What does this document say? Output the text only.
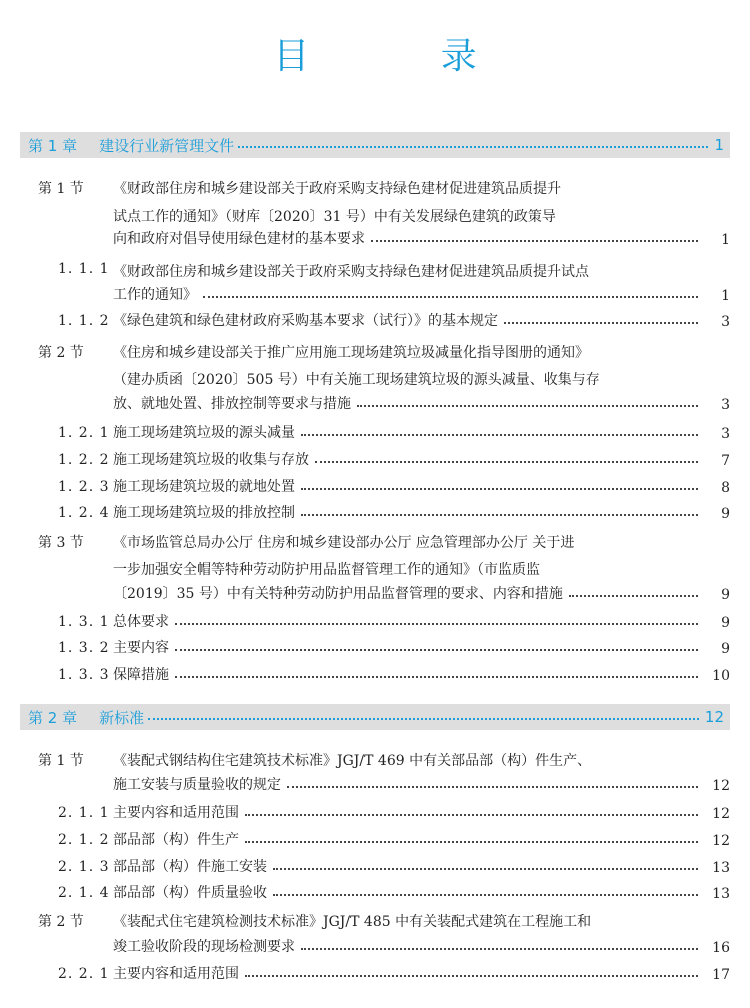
目 录
第 1 章 建设行业新管理文件	1
第 1 节 《财政部住房和城乡建设部关于政府采购支持绿色建材促进建筑品质提升
试点工作的通知》（财库〔2020〕31 号）中有关发展绿色建筑的政策导
向和政府对倡导使用绿色建材的基本要求	1
1. 1. 1 《财政部住房和城乡建设部关于政府采购支持绿色建材促进建筑品质提升试点
工作的通知》	1
1. 1. 2 《绿色建筑和绿色建材政府采购基本要求（试行）》的基本规定	3
第 2 节 《住房和城乡建设部关于推广应用施工现场建筑垃圾减量化指导图册的通知》
（建办质函〔2020〕505 号）中有关施工现场建筑垃圾的源头减量、收集与存
放、就地处置、排放控制等要求与措施	3
1. 2. 1 施工现场建筑垃圾的源头减量	3
1. 2. 2 施工现场建筑垃圾的收集与存放	7
1. 2. 3 施工现场建筑垃圾的就地处置	8
1. 2. 4 施工现场建筑垃圾的排放控制	9
第 3 节 《市场监管总局办公厅 住房和城乡建设部办公厅 应急管理部办公厅 关于进
一步加强安全帽等特种劳动防护用品监督管理工作的通知》（市监质监
〔2019〕35 号）中有关特种劳动防护用品监督管理的要求、内容和措施	9
1. 3. 1 总体要求	9
1. 3. 2 主要内容	9
1. 3. 3 保障措施	10
第 2 章 新标准	12
第 1 节 《装配式钢结构住宅建筑技术标准》JGJ/T 469 中有关部品部（构）件生产、
施工安装与质量验收的规定	12
2. 1. 1 主要内容和适用范围	12
2. 1. 2 部品部（构）件生产	12
2. 1. 3 部品部（构）件施工安装	13
2. 1. 4 部品部（构）件质量验收	13
第 2 节 《装配式住宅建筑检测技术标准》JGJ/T 485 中有关装配式建筑在工程施工和
竣工验收阶段的现场检测要求	16
2. 2. 1 主要内容和适用范围	17
